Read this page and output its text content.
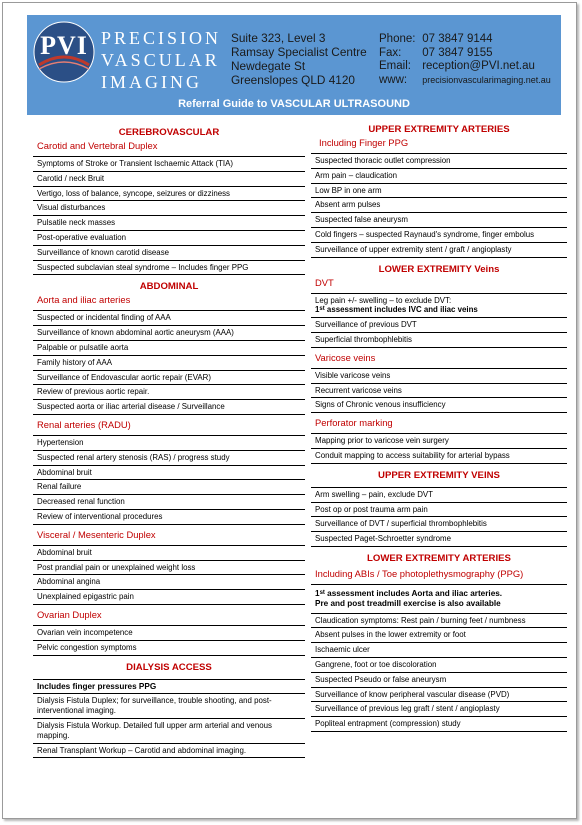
PVI PRECISION
VASCULAR
IMAGING
Suite 323, Level 3
Ramsay Specialist Centre
Newdegate St
Greenslopes QLD 4120
Phone: 07 3847 9144
Fax: 07 3847 9155
Email: reception@PVI.net.au
www: precisionvascularimaging.net.au
Referral Guide to VASCULAR ULTRASOUND
CEREBROVASCULAR
Carotid and Vertebral Duplex
Symptoms of Stroke or Transient Ischaemic Attack (TIA)
Carotid / neck Bruit
Vertigo, loss of balance, syncope, seizures or dizziness
Visual disturbances
Pulsatile neck masses
Post-operative evaluation
Surveillance of known carotid disease
Suspected subclavian steal syndrome – Includes finger PPG
ABDOMINAL
Aorta and iliac arteries
Suspected or incidental finding of AAA
Surveillance of known abdominal aortic aneurysm (AAA)
Palpable or pulsatile aorta
Family history of AAA
Surveillance of Endovascular aortic repair (EVAR)
Review of previous aortic repair.
Suspected aorta or iliac arterial disease / Surveillance
Renal arteries (RADU)
Hypertension
Suspected renal artery stenosis (RAS) / progress study
Abdominal bruit
Renal failure
Decreased renal function
Review of interventional procedures
Visceral / Mesenteric Duplex
Abdominal bruit
Post prandial pain or unexplained weight loss
Abdominal angina
Unexplained epigastric pain
Ovarian Duplex
Ovarian vein incompetence
Pelvic congestion symptoms
DIALYSIS ACCESS
Includes finger pressures PPG
Dialysis Fistula Duplex; for surveillance, trouble shooting, and post-interventional imaging.
Dialysis Fistula Workup. Detailed full upper arm arterial and venous mapping.
Renal Transplant Workup – Carotid and abdominal imaging.
UPPER EXTREMITY ARTERIES
Including Finger PPG
Suspected thoracic outlet compression
Arm pain – claudication
Low BP in one arm
Absent arm pulses
Suspected false aneurysm
Cold fingers – suspected Raynaud's syndrome, finger embolus
Surveillance of upper extremity stent / graft / angioplasty
LOWER EXTREMITY Veins
DVT
Leg pain +/- swelling – to exclude DVT:
1st assessment includes IVC and iliac veins
Surveillance of previous DVT
Superficial thrombophlebitis
Varicose veins
Visible varicose veins
Recurrent varicose veins
Signs of Chronic venous insufficiency
Perforator marking
Mapping prior to varicose vein surgery
Conduit mapping to access suitability for arterial bypass
UPPER EXTREMITY VEINS
Arm swelling – pain, exclude DVT
Post op or post trauma arm pain
Surveillance of DVT / superficial thrombophlebitis
Suspected Paget-Schroetter syndrome
LOWER EXTREMITY ARTERIES
Including ABIs / Toe photoplethysmography (PPG)
1st assessment includes Aorta and iliac arteries.
Pre and post treadmill exercise is also available
Claudication symptoms: Rest pain / burning feet / numbness
Absent pulses in the lower extremity or foot
Ischaemic ulcer
Gangrene, foot or toe discoloration
Suspected Pseudo or false aneurysm
Surveillance of know peripheral vascular disease (PVD)
Surveillance of previous leg graft / stent / angioplasty
Popliteal entrapment (compression) study
